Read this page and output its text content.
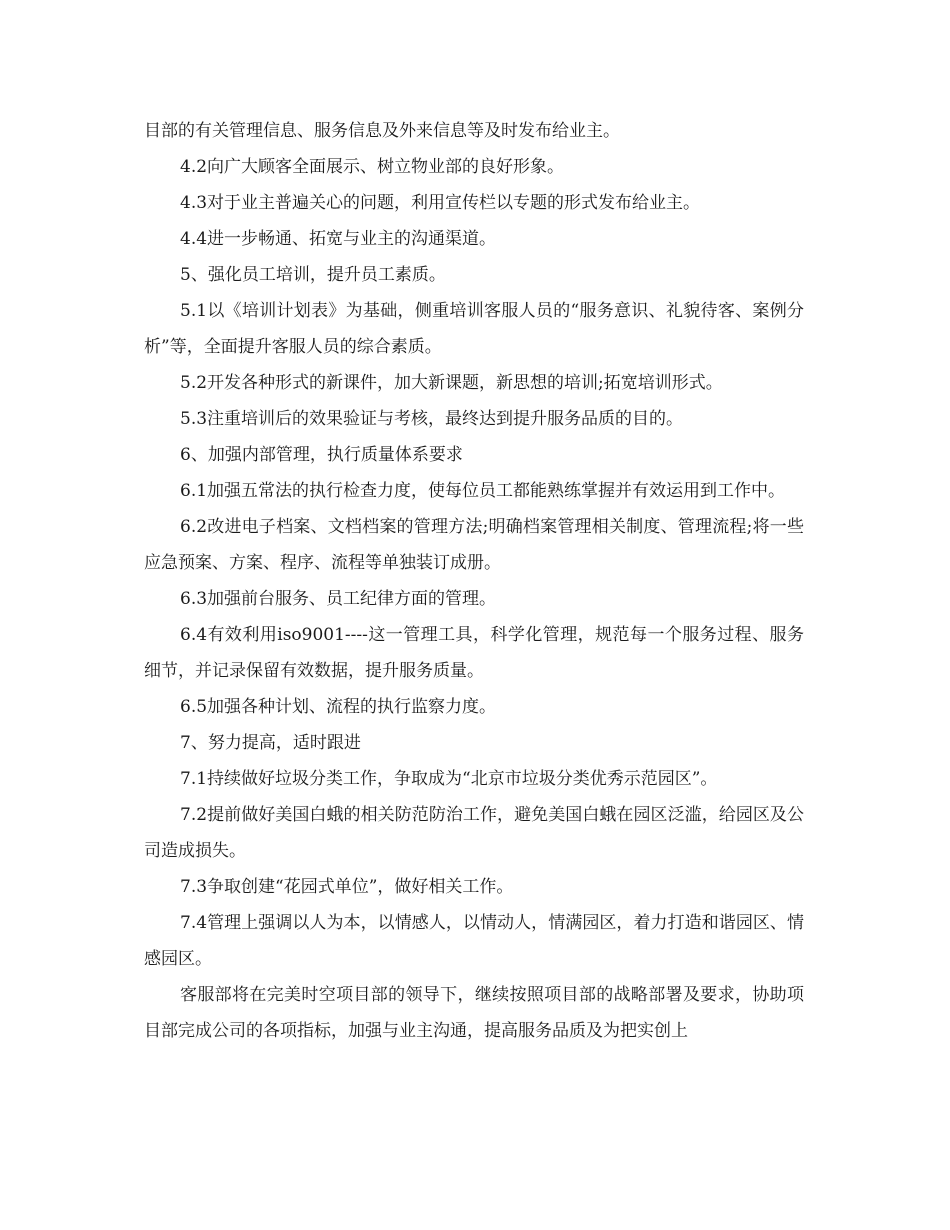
目部的有关管理信息、服务信息及外来信息等及时发布给业主。

4.2向广大顾客全面展示、树立物业部的良好形象。

4.3对于业主普遍关心的问题，利用宣传栏以专题的形式发布给业主。

4.4进一步畅通、拓宽与业主的沟通渠道。

5、强化员工培训，提升员工素质。

5.1以《培训计划表》为基础，侧重培训客服人员的“服务意识、礼貌待客、案例分析”等，全面提升客服人员的综合素质。

5.2开发各种形式的新课件，加大新课题，新思想的培训;拓宽培训形式。

5.3注重培训后的效果验证与考核，最终达到提升服务品质的目的。

6、加强内部管理，执行质量体系要求

6.1加强五常法的执行检查力度，使每位员工都能熟练掌握并有效运用到工作中。

6.2改进电子档案、文档档案的管理方法;明确档案管理相关制度、管理流程;将一些应急预案、方案、程序、流程等单独装订成册。

6.3加强前台服务、员工纪律方面的管理。

6.4有效利用iso9001----这一管理工具，科学化管理，规范每一个服务过程、服务细节，并记录保留有效数据，提升服务质量。

6.5加强各种计划、流程的执行监察力度。

7、努力提高，适时跟进

7.1持续做好垃圾分类工作，争取成为“北京市垃圾分类优秀示范园区”。

7.2提前做好美国白蛾的相关防范防治工作，避免美国白蛾在园区泛滥，给园区及公司造成损失。

7.3争取创建“花园式单位”，做好相关工作。

7.4管理上强调以人为本，以情感人，以情动人，情满园区，着力打造和谐园区、情感园区。

客服部将在完美时空项目部的领导下，继续按照项目部的战略部署及要求，协助项目部完成公司的各项指标，加强与业主沟通，提高服务品质及为把实创上
